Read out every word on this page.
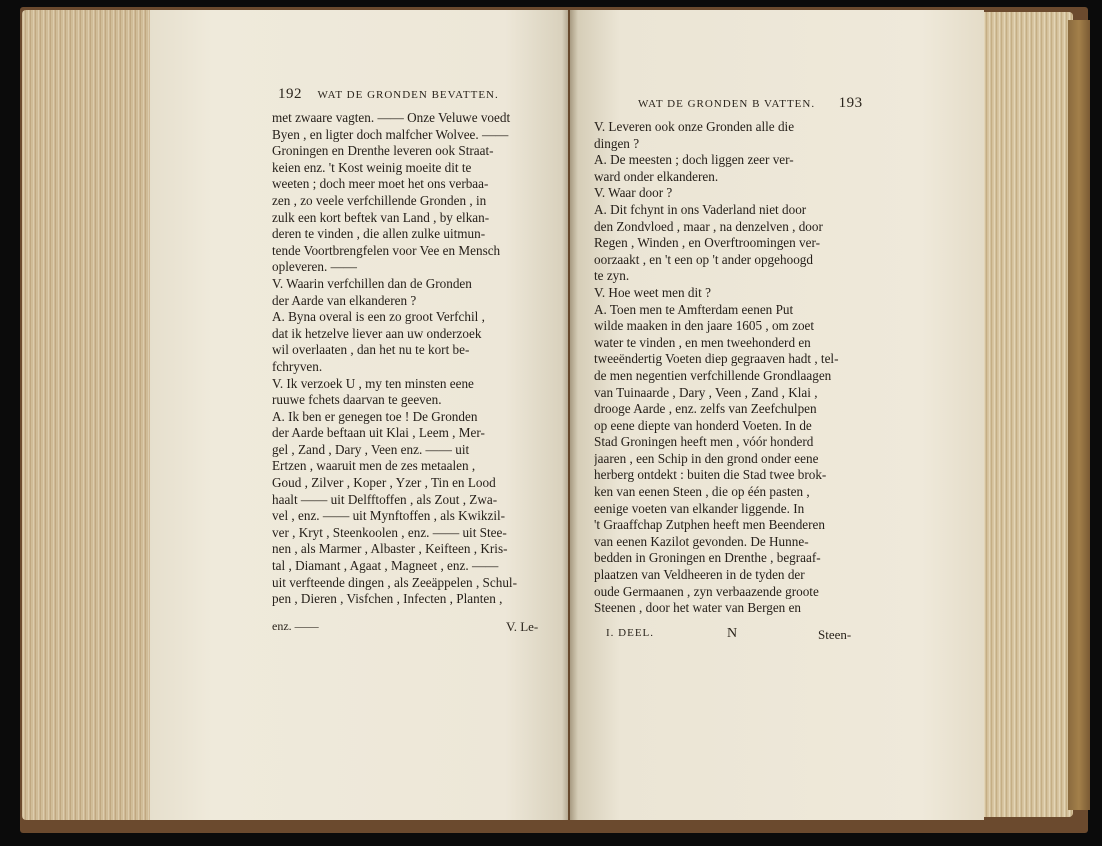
192 WAT DE GRONDEN BEVATTEN.
met zwaare vagten. —— Onze Veluwe voedt
Byen , en ligter doch malfcher Wolvee. ——
Groningen en Drenthe leveren ook Straat-
keien enz. 't Kost weinig moeite dit te
weeten ; doch meer moet het ons verbaa-
zen , zo veele verfchillende Gronden , in
zulk een kort beftek van Land , by elkan-
deren te vinden , die allen zulke uitmun-
tende Voortbrengfelen voor Vee en Mensch
opleveren. ——
V. Waarin verfchillen dan de Gronden
der Aarde van elkanderen ?
A. Byna overal is een zo groot Verfchil ,
dat ik hetzelve liever aan uw onderzoek
wil overlaaten , dan het nu te kort be-
fchryven.
V. Ik verzoek U , my ten minsten eene
ruuwe fchets daarvan te geeven.
A. Ik ben er genegen toe ! De Gronden
der Aarde beftaan uit Klai , Leem , Mer-
gel , Zand , Dary , Veen enz. —— uit
Ertzen , waaruit men de zes metaalen ,
Goud , Zilver , Koper , Yzer , Tin en Lood
haalt —— uit Delfftoffen , als Zout , Zwa-
vel , enz. —— uit Mynftoffen , als Kwikzil-
ver , Kryt , Steenkoolen , enz. —— uit Stee-
nen , als Marmer , Albaster , Keifteen , Kris-
tal , Diamant , Agaat , Magneet , enz. ——
uit verfteende dingen , als Zeeäppelen , Schul-
pen , Dieren , Visfchen , Infecten , Planten ,
enz. ——	V. Le-
WAT DE GRONDEN B VATTEN. 193
V. Leveren ook onze Gronden alle die
dingen ?
A. De meesten ; doch liggen zeer ver-
ward onder elkanderen.
V. Waar door ?
A. Dit fchynt in ons Vaderland niet door
den Zondvloed , maar , na denzelven , door
Regen , Winden , en Overftroomingen ver-
oorzaakt , en 't een op 't ander opgehoogd
te zyn.
V. Hoe weet men dit ?
A. Toen men te Amfterdam eenen Put
wilde maaken in den jaare 1605 , om zoet
water te vinden , en men tweehonderd en
tweeëndertig Voeten diep gegraaven hadt , tel-
de men negentien verfchillende Grondlaagen
van Tuinaarde , Dary , Veen , Zand , Klai ,
drooge Aarde , enz. zelfs van Zeefchulpen
op eene diepte van honderd Voeten. In de
Stad Groningen heeft men , vóór honderd
jaaren , een Schip in den grond onder eene
herberg ontdekt : buiten die Stad twee brok-
ken van eenen Steen , die op één pasten ,
eenige voeten van elkander liggende. In
't Graaffchap Zutphen heeft men Beenderen
van eenen Kazilot gevonden. De Hunne-
bedden in Groningen en Drenthe , begraaf-
plaatzen van Veldheeren in de tyden der
oude Germaanen , zyn verbaazende groote
Steenen , door het water van Bergen en
I. DEEL.	N	Steen-
